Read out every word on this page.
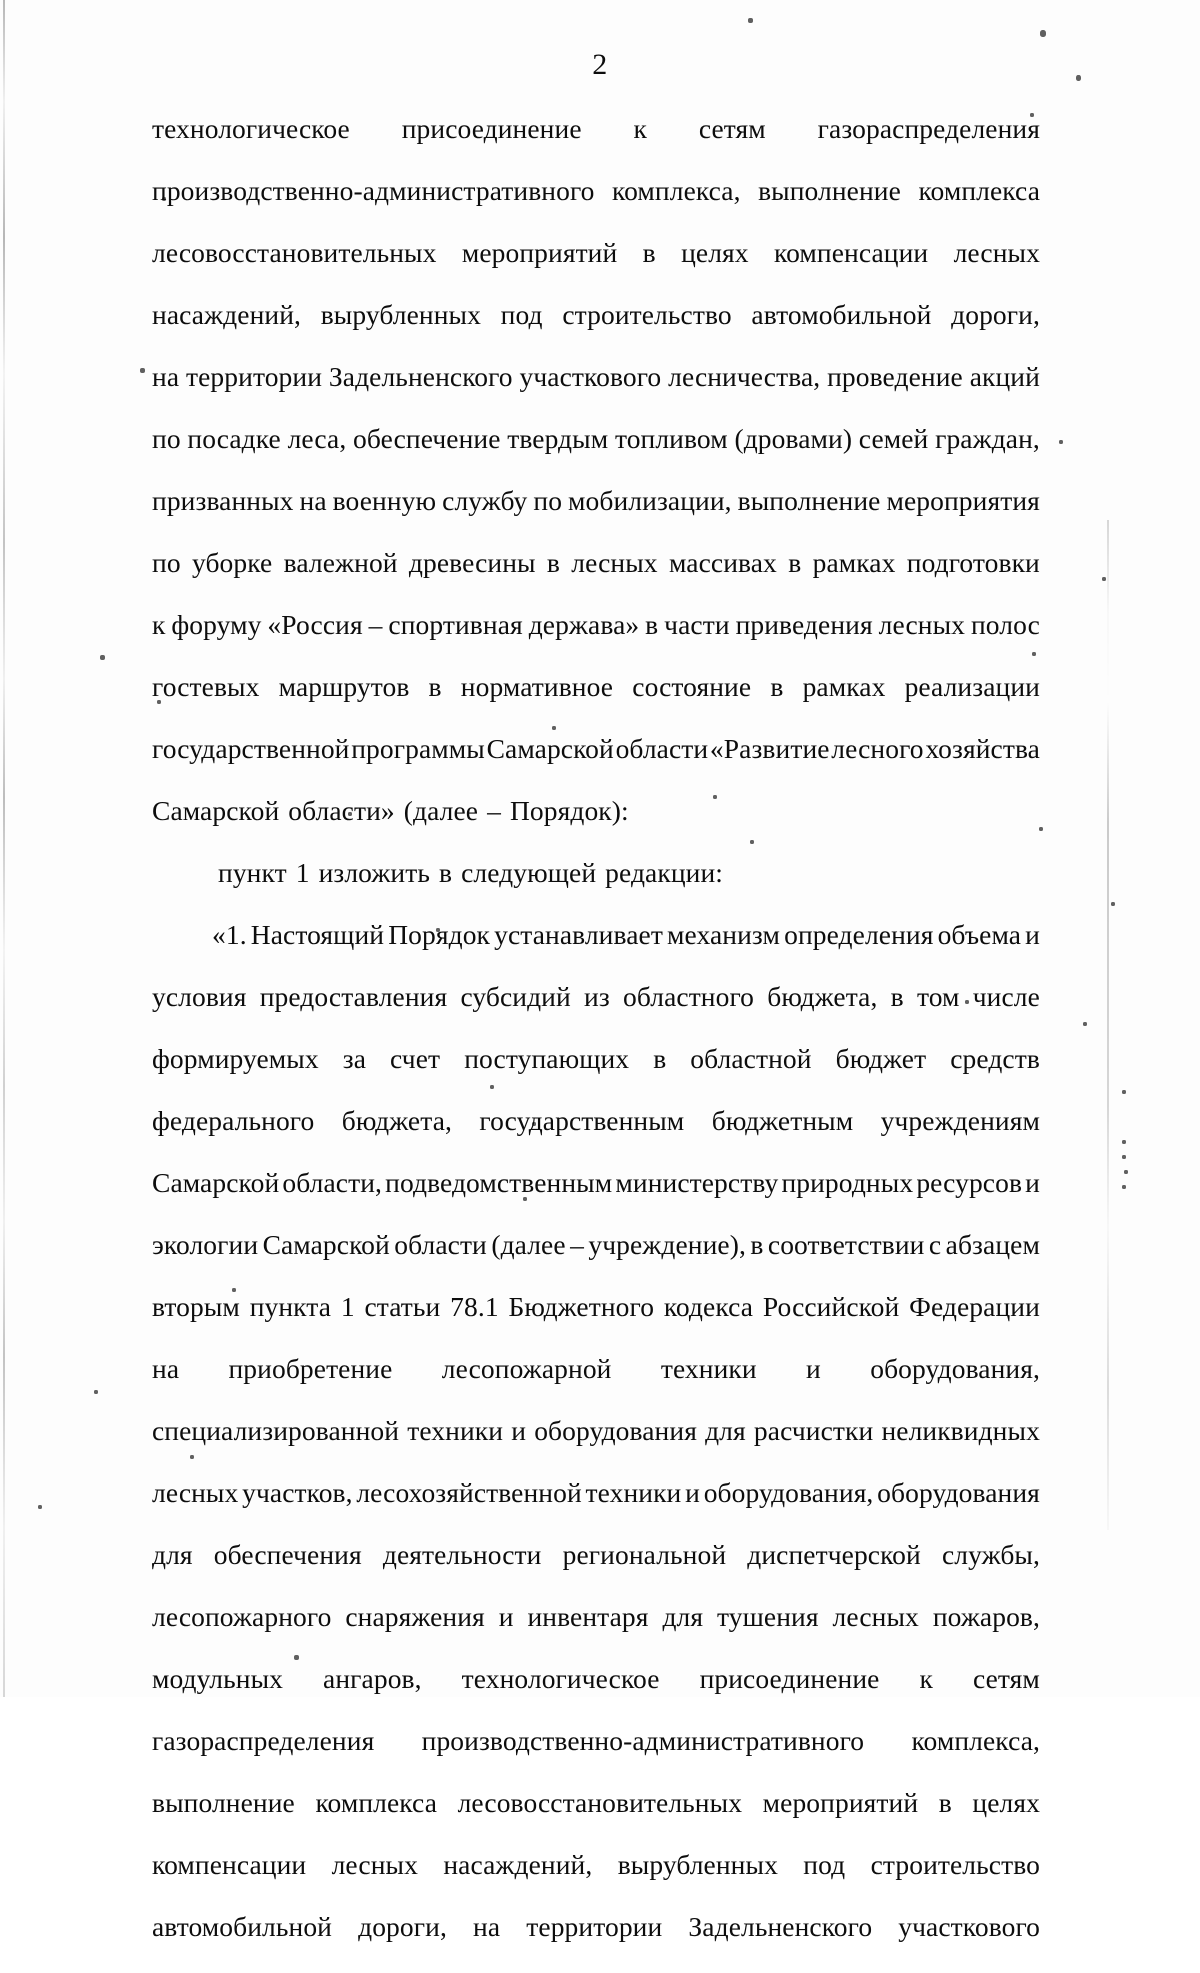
2
технологическое присоединение к сетям газораспределения
производственно-административного комплекса, выполнение комплекса
лесовосстановительных мероприятий в целях компенсации лесных
насаждений, вырубленных под строительство автомобильной дороги,
на территории Задельненского участкового лесничества, проведение акций
по посадке леса, обеспечение твердым топливом (дровами) семей граждан,
призванных на военную службу по мобилизации, выполнение мероприятия
по уборке валежной древесины в лесных массивах в рамках подготовки
к форуму «Россия – спортивная держава» в части приведения лесных полос
гостевых маршрутов в нормативное состояние в рамках реализации
государственной программы Самарской области «Развитие лесного хозяйства
Самарской области» (далее – Порядок):
пункт 1 изложить в следующей редакции:
«1. Настоящий Порядок устанавливает механизм определения объема и
условия предоставления субсидий из областного бюджета, в том числе
формируемых за счет поступающих в областной бюджет средств
федерального бюджета, государственным бюджетным учреждениям
Самарской области, подведомственным министерству природных ресурсов и
экологии Самарской области (далее – учреждение), в соответствии с абзацем
вторым пункта 1 статьи 78.1 Бюджетного кодекса Российской Федерации
на приобретение лесопожарной техники и оборудования,
специализированной техники и оборудования для расчистки неликвидных
лесных участков, лесохозяйственной техники и оборудования, оборудования
для обеспечения деятельности региональной диспетчерской службы,
лесопожарного снаряжения и инвентаря для тушения лесных пожаров,
модульных ангаров, технологическое присоединение к сетям
газораспределения производственно-административного комплекса,
выполнение комплекса лесовосстановительных мероприятий в целях
компенсации лесных насаждений, вырубленных под строительство
автомобильной дороги, на территории Задельненского участкового
